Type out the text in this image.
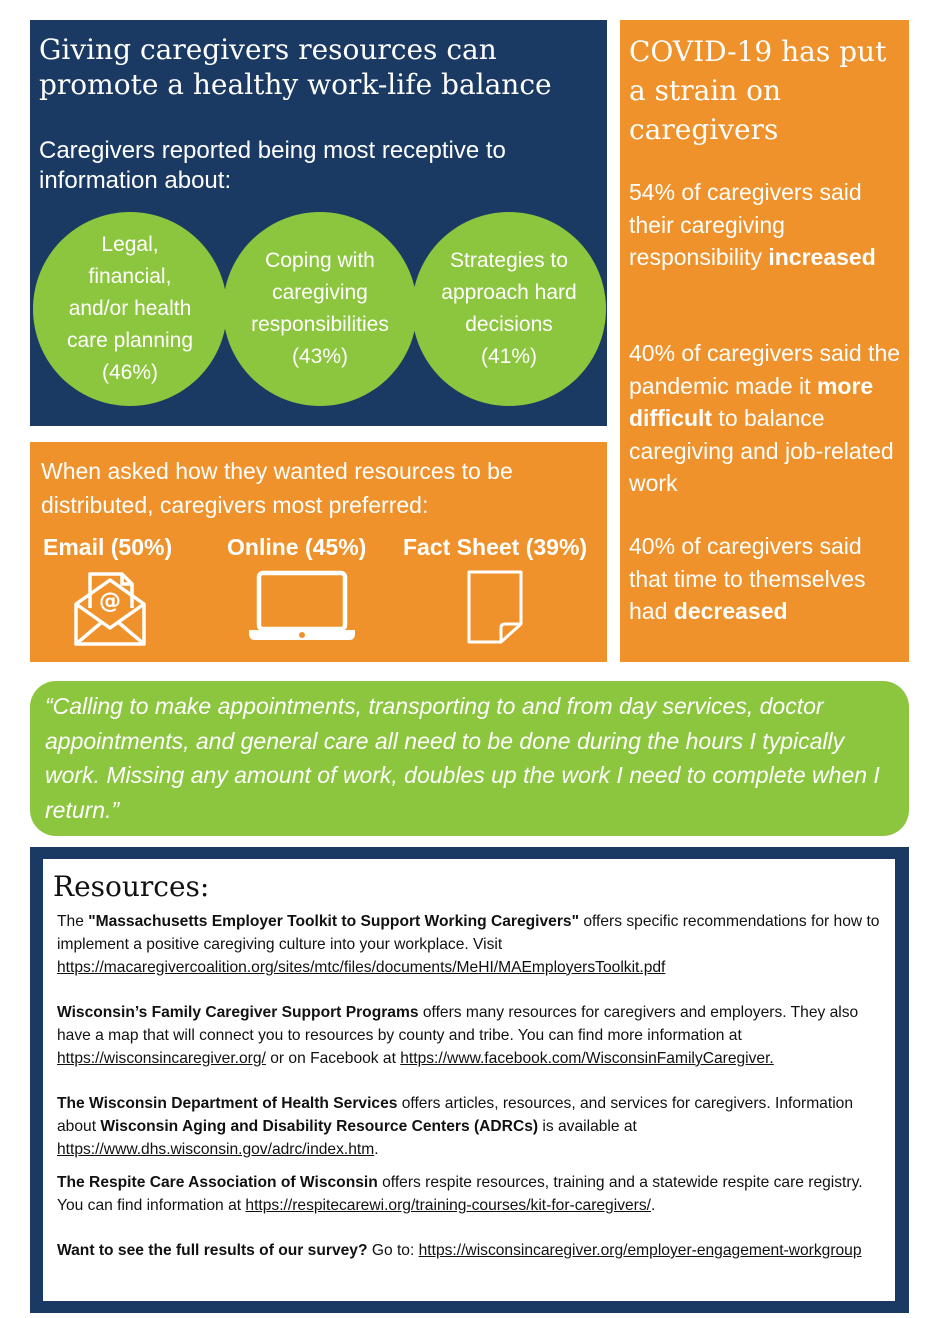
Giving caregivers resources can promote a healthy work-life balance
Caregivers reported being most receptive to information about:
Legal,
financial,
and/or health
care planning
(46%)
Coping with
caregiving
responsibilities
(43%)
Strategies to
approach hard
decisions
(41%)
When asked how they wanted resources to be distributed, caregivers most preferred:
Email (50%) Online (45%) Fact Sheet (39%)
@
COVID-19 has put a strain on caregivers
54% of caregivers said their caregiving responsibility increased
40% of caregivers said the pandemic made it more difficult to balance caregiving and job-related work
40% of caregivers said that time to themselves had decreased

“Calling to make appointments, transporting to and from day services, doctor appointments, and general care all need to be done during the hours I typically work. Missing any amount of work, doubles up the work I need to complete when I return.”

Resources:
The "Massachusetts Employer Toolkit to Support Working Caregivers" offers specific recommendations for how to implement a positive caregiving culture into your workplace. Visit https://macaregivercoalition.org/sites/mtc/files/documents/MeHI/MAEmployersToolkit.pdf
Wisconsin’s Family Caregiver Support Programs offers many resources for caregivers and employers. They also have a map that will connect you to resources by county and tribe. You can find more information at https://wisconsincaregiver.org/ or on Facebook at https://www.facebook.com/WisconsinFamilyCaregiver.
The Wisconsin Department of Health Services offers articles, resources, and services for caregivers. Information about Wisconsin Aging and Disability Resource Centers (ADRCs) is available at https://www.dhs.wisconsin.gov/adrc/index.htm.
The Respite Care Association of Wisconsin offers respite resources, training and a statewide respite care registry. You can find information at https://respitecarewi.org/training-courses/kit-for-caregivers/.
Want to see the full results of our survey? Go to: https://wisconsincaregiver.org/employer-engagement-workgroup
